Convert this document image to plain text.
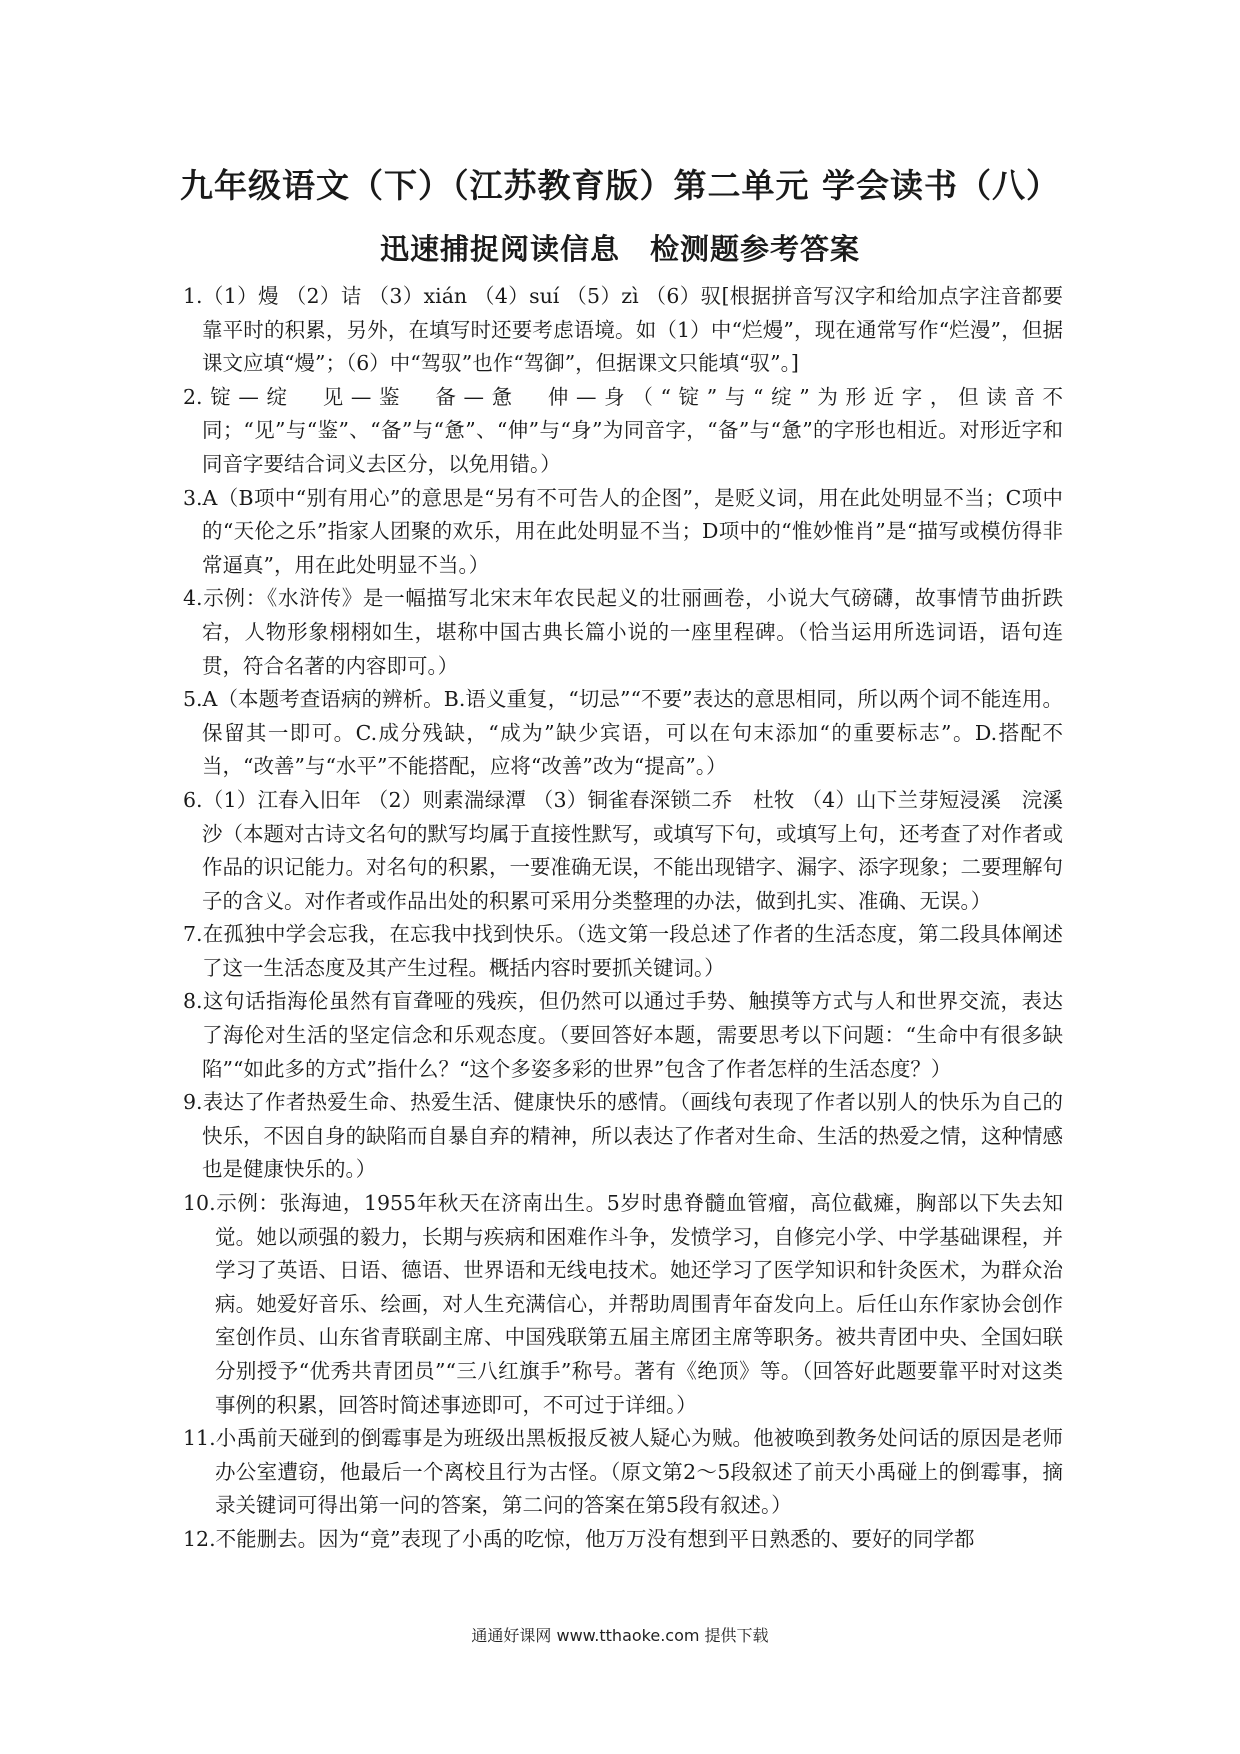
九年级语文（下）（江苏教育版）第二单元 学会读书（八）
迅速捕捉阅读信息　检测题参考答案
1.（1）熳 （2）诘 （3）xián （4）suí （5）zì （6）驭[根据拼音写汉字和给加点字注音都要靠平时的积累，另外，在填写时还要考虑语境。如（1）中“烂熳”，现在通常写作“烂漫”，但据课文应填“熳”；（6）中“驾驭”也作“驾御”，但据课文只能填“驭”。]
2.锭—绽　见—鉴　备—惫　伸—身（“锭”与“绽”为形近字，但读音不同；“见”与“鉴”、“备”与“惫”、“伸”与“身”为同音字，“备”与“惫”的字形也相近。对形近字和同音字要结合词义去区分，以免用错。）
3.A（B项中“别有用心”的意思是“另有不可告人的企图”，是贬义词，用在此处明显不当；C项中的“天伦之乐”指家人团聚的欢乐，用在此处明显不当；D项中的“惟妙惟肖”是“描写或模仿得非常逼真”，用在此处明显不当。）
4.示例：《水浒传》是一幅描写北宋末年农民起义的壮丽画卷，小说大气磅礴，故事情节曲折跌宕，人物形象栩栩如生，堪称中国古典长篇小说的一座里程碑。（恰当运用所选词语，语句连贯，符合名著的内容即可。）
5.A（本题考查语病的辨析。B.语义重复，“切忌”“不要”表达的意思相同，所以两个词不能连用。保留其一即可。C.成分残缺，“成为”缺少宾语，可以在句末添加“的重要标志”。D.搭配不当，“改善”与“水平”不能搭配，应将“改善”改为“提高”。）
6.（1）江春入旧年 （2）则素湍绿潭 （3）铜雀春深锁二乔　杜牧 （4）山下兰芽短浸溪　浣溪沙（本题对古诗文名句的默写均属于直接性默写，或填写下句，或填写上句，还考查了对作者或作品的识记能力。对名句的积累，一要准确无误，不能出现错字、漏字、添字现象；二要理解句子的含义。对作者或作品出处的积累可采用分类整理的办法，做到扎实、准确、无误。）
7.在孤独中学会忘我，在忘我中找到快乐。（选文第一段总述了作者的生活态度，第二段具体阐述了这一生活态度及其产生过程。概括内容时要抓关键词。）
8.这句话指海伦虽然有盲聋哑的残疾，但仍然可以通过手势、触摸等方式与人和世界交流，表达了海伦对生活的坚定信念和乐观态度。（要回答好本题，需要思考以下问题：“生命中有很多缺陷”“如此多的方式”指什么？“这个多姿多彩的世界”包含了作者怎样的生活态度？）
9.表达了作者热爱生命、热爱生活、健康快乐的感情。（画线句表现了作者以别人的快乐为自己的快乐，不因自身的缺陷而自暴自弃的精神，所以表达了作者对生命、生活的热爱之情，这种情感也是健康快乐的。）
10.示例：张海迪，1955年秋天在济南出生。5岁时患脊髓血管瘤，高位截瘫，胸部以下失去知觉。她以顽强的毅力，长期与疾病和困难作斗争，发愤学习，自修完小学、中学基础课程，并学习了英语、日语、德语、世界语和无线电技术。她还学习了医学知识和针灸医术，为群众治病。她爱好音乐、绘画，对人生充满信心，并帮助周围青年奋发向上。后任山东作家协会创作室创作员、山东省青联副主席、中国残联第五届主席团主席等职务。被共青团中央、全国妇联分别授予“优秀共青团员”“三八红旗手”称号。著有《绝顶》等。（回答好此题要靠平时对这类事例的积累，回答时简述事迹即可，不可过于详细。）
11.小禹前天碰到的倒霉事是为班级出黑板报反被人疑心为贼。他被唤到教务处问话的原因是老师办公室遭窃，他最后一个离校且行为古怪。（原文第2～5段叙述了前天小禹碰上的倒霉事，摘录关键词可得出第一问的答案，第二问的答案在第5段有叙述。）
12.不能删去。因为“竟”表现了小禹的吃惊，他万万没有想到平日熟悉的、要好的同学都
通通好课网 www.tthaoke.com 提供下载
